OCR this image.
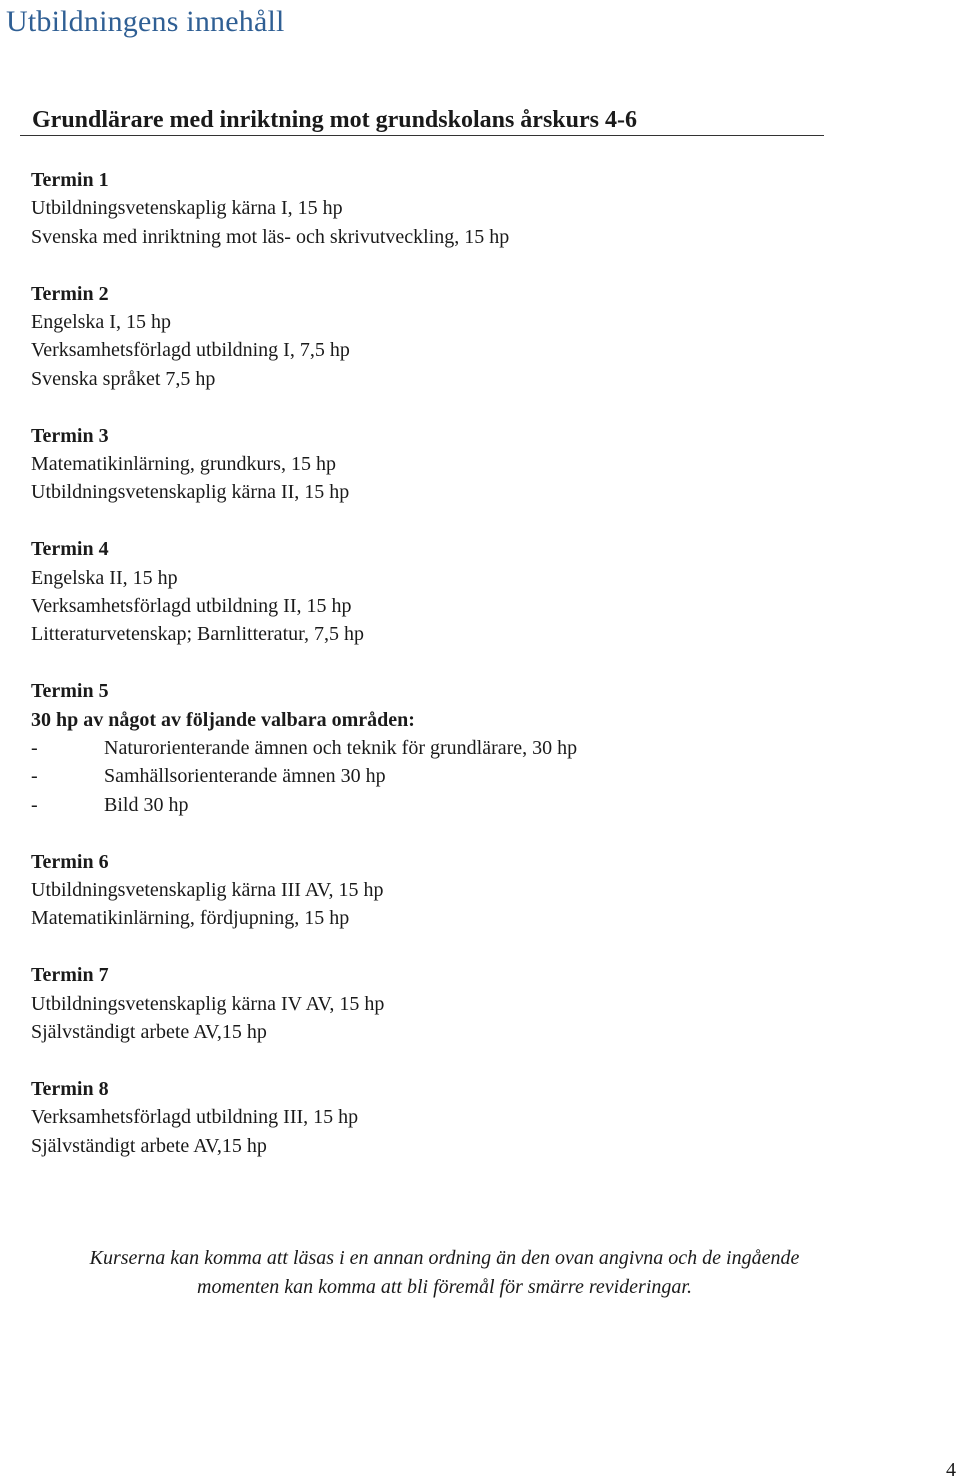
Utbildningens innehåll
Grundlärare med inriktning mot grundskolans årskurs 4-6

Termin 1

Utbildningsvetenskaplig kärna I, 15 hp

Svenska med inriktning mot läs- och skrivutveckling, 15 hp

Termin 2

Engelska I, 15 hp

Verksamhetsförlagd utbildning I, 7,5 hp

Svenska språket 7,5 hp

Termin 3

Matematikinlärning, grundkurs, 15 hp

Utbildningsvetenskaplig kärna II, 15 hp

Termin 4

Engelska II, 15 hp

Verksamhetsförlagd utbildning II, 15 hp

Litteraturvetenskap; Barnlitteratur, 7,5 hp

Termin 5

30 hp av något av följande valbara områden:

-	Naturorienterande ämnen och teknik för grundlärare, 30 hp

-	Samhällsorienterande ämnen 30 hp

-	Bild 30 hp

Termin 6

Utbildningsvetenskaplig kärna III AV, 15 hp

Matematikinlärning, fördjupning, 15 hp

Termin 7

Utbildningsvetenskaplig kärna IV AV, 15 hp

Självständigt arbete AV,15 hp

Termin 8

Verksamhetsförlagd utbildning III, 15 hp

Självständigt arbete AV,15 hp

Kurserna kan komma att läsas i en annan ordning än den ovan angivna och de ingående
momenten kan komma att bli föremål för smärre revideringar.

4
